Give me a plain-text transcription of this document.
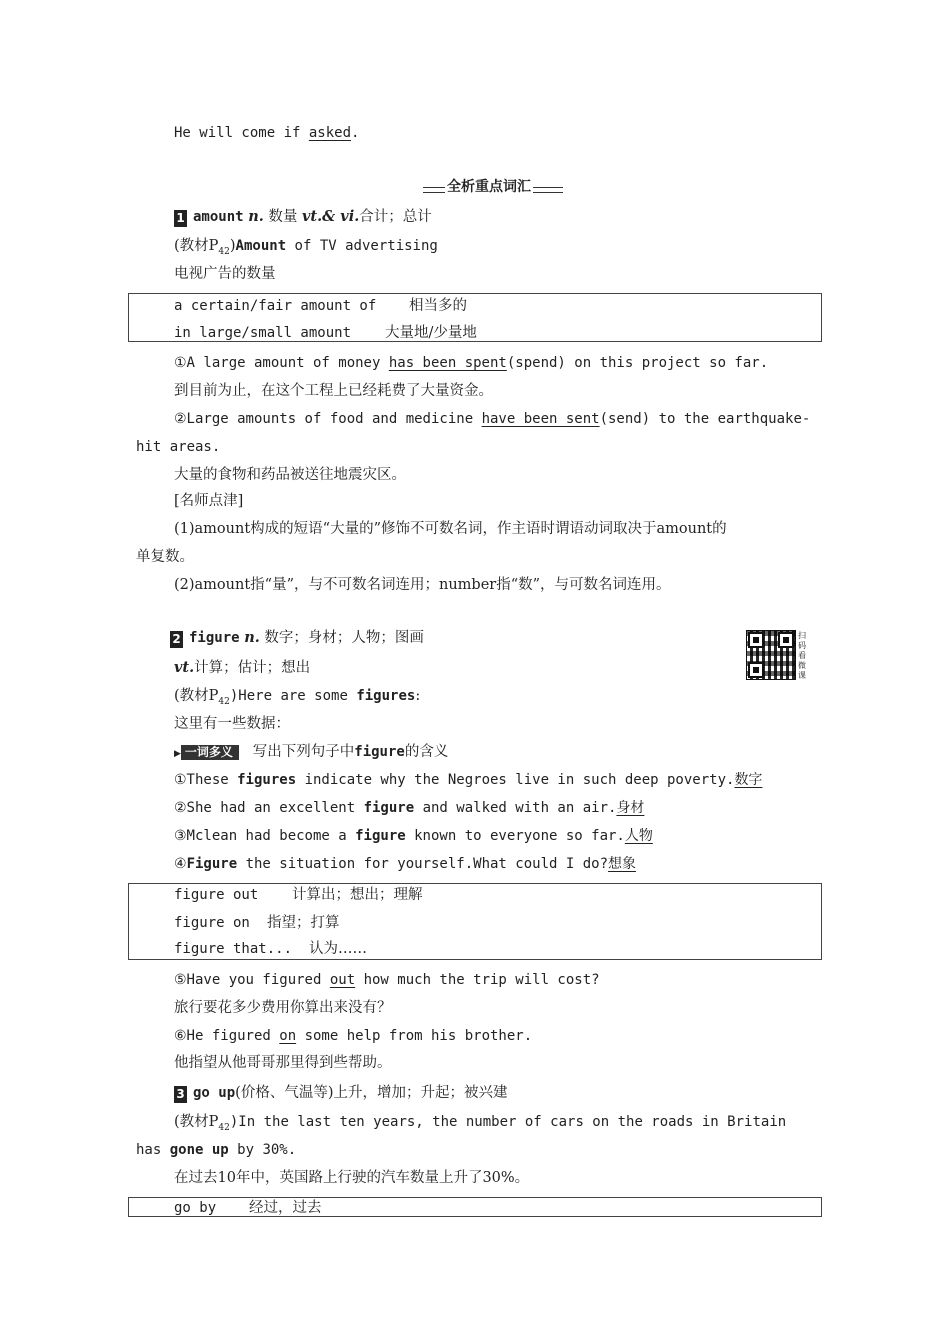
He will come if asked.
全析重点词汇
1 amount n. 数量 vt.& vi.合计；总计
(教材$P_{42})Amount$ of TV advertising
电视广告的数量
a certain/fair amount of 相当多的
in large/small amount 大量地/少量地
①A large amount of money has been spent(spend) on this project so far.
到目前为止，在这个工程上已经耗费了大量资金。
②Large amounts of food and medicine have been sent(send) to the earthquake-
hit areas.
大量的食物和药品被送往地震灾区。
[名师点津]
(1)amount构成的短语“大量的”修饰不可数名词，作主语时谓语动词取决于amount的
单复数。
(2)amount指“量”，与不可数名词连用；number指“数”，与可数名词连用。
2 figure n. 数字；身材；人物；图画
vt.计算；估计；想出
扫码看微课
(教材$P_{42})Here$ are some figures:
这里有一些数据：
▶ 一词多义 写出下列句子中figure的含义
①These figures indicate why the Negroes live in such deep poverty.数字
②She had an excellent figure and walked with an air.身材
③Mclean had become a figure known to everyone so far.人物
④Figure the situation for yourself.What could I do?想象
figure out 计算出；想出；理解
figure on 指望；打算
figure that... 认为……
⑤Have you figured out how much the trip will cost?
旅行要花多少费用你算出来没有？
⑥He figured on some help from his brother.
他指望从他哥哥那里得到些帮助。
3 go up(价格、气温等)上升，增加；升起；被兴建
(教材$P_{42})In$ the last ten years, the number of cars on the roads in Britain
has gone up by 30%.
在过去10年中，英国路上行驶的汽车数量上升了30%。
go by 经过，过去
